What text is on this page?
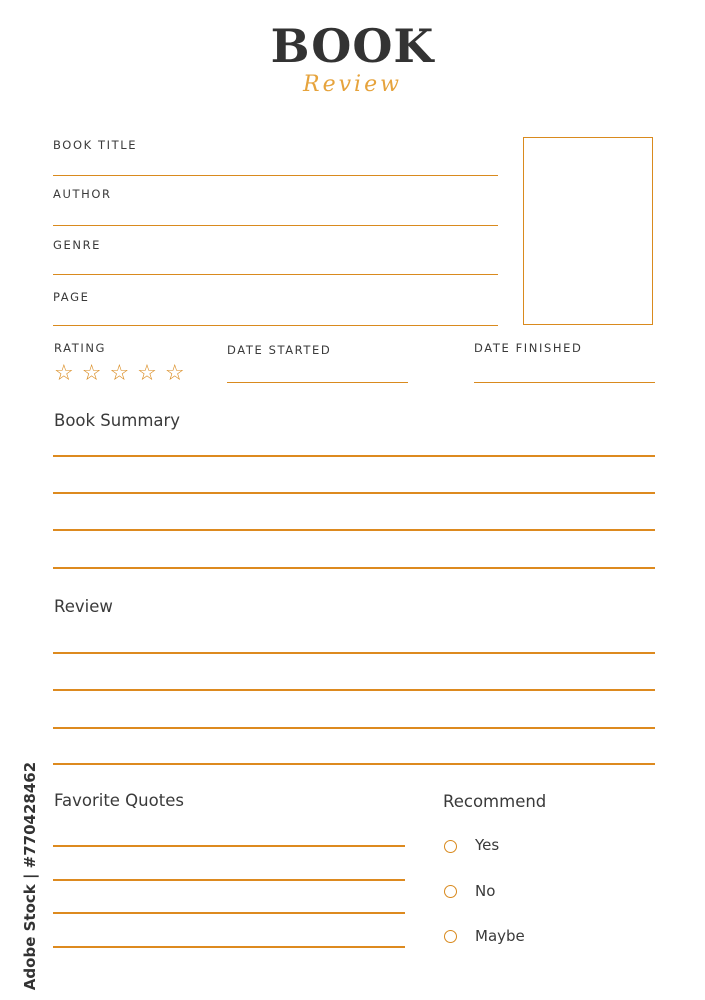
BOOK
Review
BOOK TITLE
AUTHOR
GENRE
PAGE
RATING
☆☆☆☆☆
DATE STARTED	DATE FINISHED
Book Summary
Review
Favorite Quotes	Recommend
Yes
No
Maybe
Adobe Stock | #770428462
